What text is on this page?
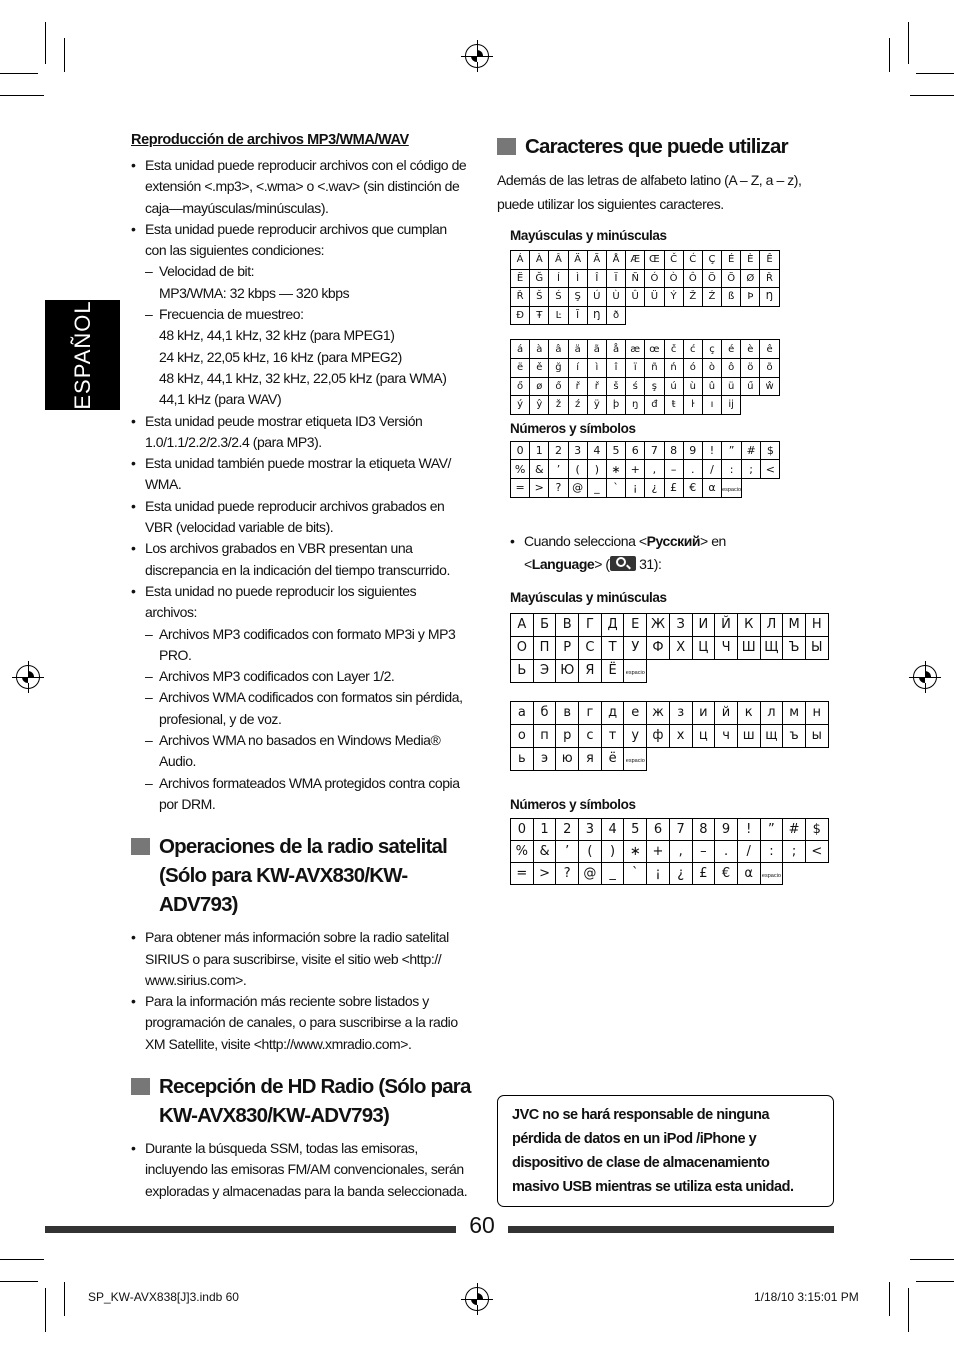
ESPAÑOL
Reproducción de archivos MP3/WMA/WAV
• Esta unidad puede reproducir archivos con el código de extensión <.mp3>, <.wma> o <.wav> (sin distinción de caja—mayúsculas/minúsculas).
• Esta unidad puede reproducir archivos que cumplan con las siguientes condiciones:
– Velocidad de bit:
MP3/WMA: 32 kbps — 320 kbps
– Frecuencia de muestreo:
48 kHz, 44,1 kHz, 32 kHz (para MPEG1)
24 kHz, 22,05 kHz, 16 kHz (para MPEG2)
48 kHz, 44,1 kHz, 32 kHz, 22,05 kHz (para WMA)
44,1 kHz (para WAV)
• Esta unidad peude mostrar etiqueta ID3 Versión 1.0/1.1/2.2/2.3/2.4 (para MP3).
• Esta unidad también puede mostrar la etiqueta WAV/ WMA.
• Esta unidad puede reproducir archivos grabados en VBR (velocidad variable de bits).
• Los archivos grabados en VBR presentan una discrepancia en la indicación del tiempo transcurrido.
• Esta unidad no puede reproducir los siguientes archivos:
– Archivos MP3 codificados con formato MP3i y MP3 PRO.
– Archivos MP3 codificados con Layer 1/2.
– Archivos WMA codificados con formatos sin pérdida, profesional, y de voz.
– Archivos WMA no basados en Windows Media® Audio.
– Archivos formateados WMA protegidos contra copia por DRM.
Operaciones de la radio satelital (Sólo para KW-AVX830/KW-ADV793)
• Para obtener más información sobre la radio satelital SIRIUS o para suscribirse, visite el sitio web <http:// www.sirius.com>.
• Para la información más reciente sobre listados y programación de canales, o para suscribirse a la radio XM Satellite, visite <http://www.xmradio.com>.
Recepción de HD Radio (Sólo para KW-AVX830/KW-ADV793)
• Durante la búsqueda SSM, todas las emisoras, incluyendo las emisoras FM/AM convencionales, serán exploradas y almacenadas para la banda seleccionada.
Caracteres que puede utilizar
Además de las letras de alfabeto latino (A – Z, a – z), puede utilizar los siguientes caracteres.
Mayúsculas y minúsculas
Á	À	Â	Ä	Ã	Å	Æ	Œ	Č	Ć	Ç	É	È	Ê
Ë	Ğ	Í	Ì	Î	Ï	Ñ	Ó	Ò	Ô	Ö	Õ	Ø	Ř
Ř	Š	Ś	Ş	Ú	Ù	Û	Ü	Ý	Ž	Ź	ß	Þ	Ŋ
Đ	Ŧ	Ŀ	Ĩ	Ŋ	ð								
á	à	â	ä	ã	å	æ	œ	č	ć	ç	é	è	ê
ë	ě	ğ	í	ì	î	ï	ñ	ń	ó	ò	ô	ö	õ
ő	ø	ő	ř	ř	š	ś	ş	ú	ù	û	ü	ű	ŵ
ý	ŷ	ž	ź	ÿ	þ	ŋ	đ	ŧ	ŀ	ı	ĳ		
Números y símbolos
0	1	2	3	4	5	6	7	8	9	!	”	#	$
%	&	’	(	)	∗	+	,	–	.	/	:	;	<
=	>	?	@	_	`	¡	¿	£	€	α	espacio		
• Cuando selecciona <Русский> en
<Language> (
31):
Mayúsculas y minúsculas
А	Б	В	Г	Д	Е	Ж	З	И	Й	К	Л	М	Н
О	П	Р	С	Т	У	Ф	Х	Ц	Ч	Ш	Щ	Ъ	Ы
Ь	Э	Ю	Я	Ё	espacio								
а	б	в	г	д	е	ж	з	и	й	к	л	м	н
о	п	р	с	т	у	ф	х	ц	ч	ш	щ	ъ	ы
ь	э	ю	я	ё	espacio								
Números y símbolos
0	1	2	3	4	5	6	7	8	9	!	”	#	$
%	&	’	(	)	∗	+	,	–	.	/	:	;	<
=	>	?	@	_	`	¡	¿	£	€	α	espacio		
JVC no se hará responsable de ninguna pérdida de datos en un iPod /iPhone y dispositivo de clase de almacenamiento masivo USB mientras se utiliza esta unidad.
60
SP_KW-AVX838[J]3.indb 60	1/18/10 3:15:01 PM
